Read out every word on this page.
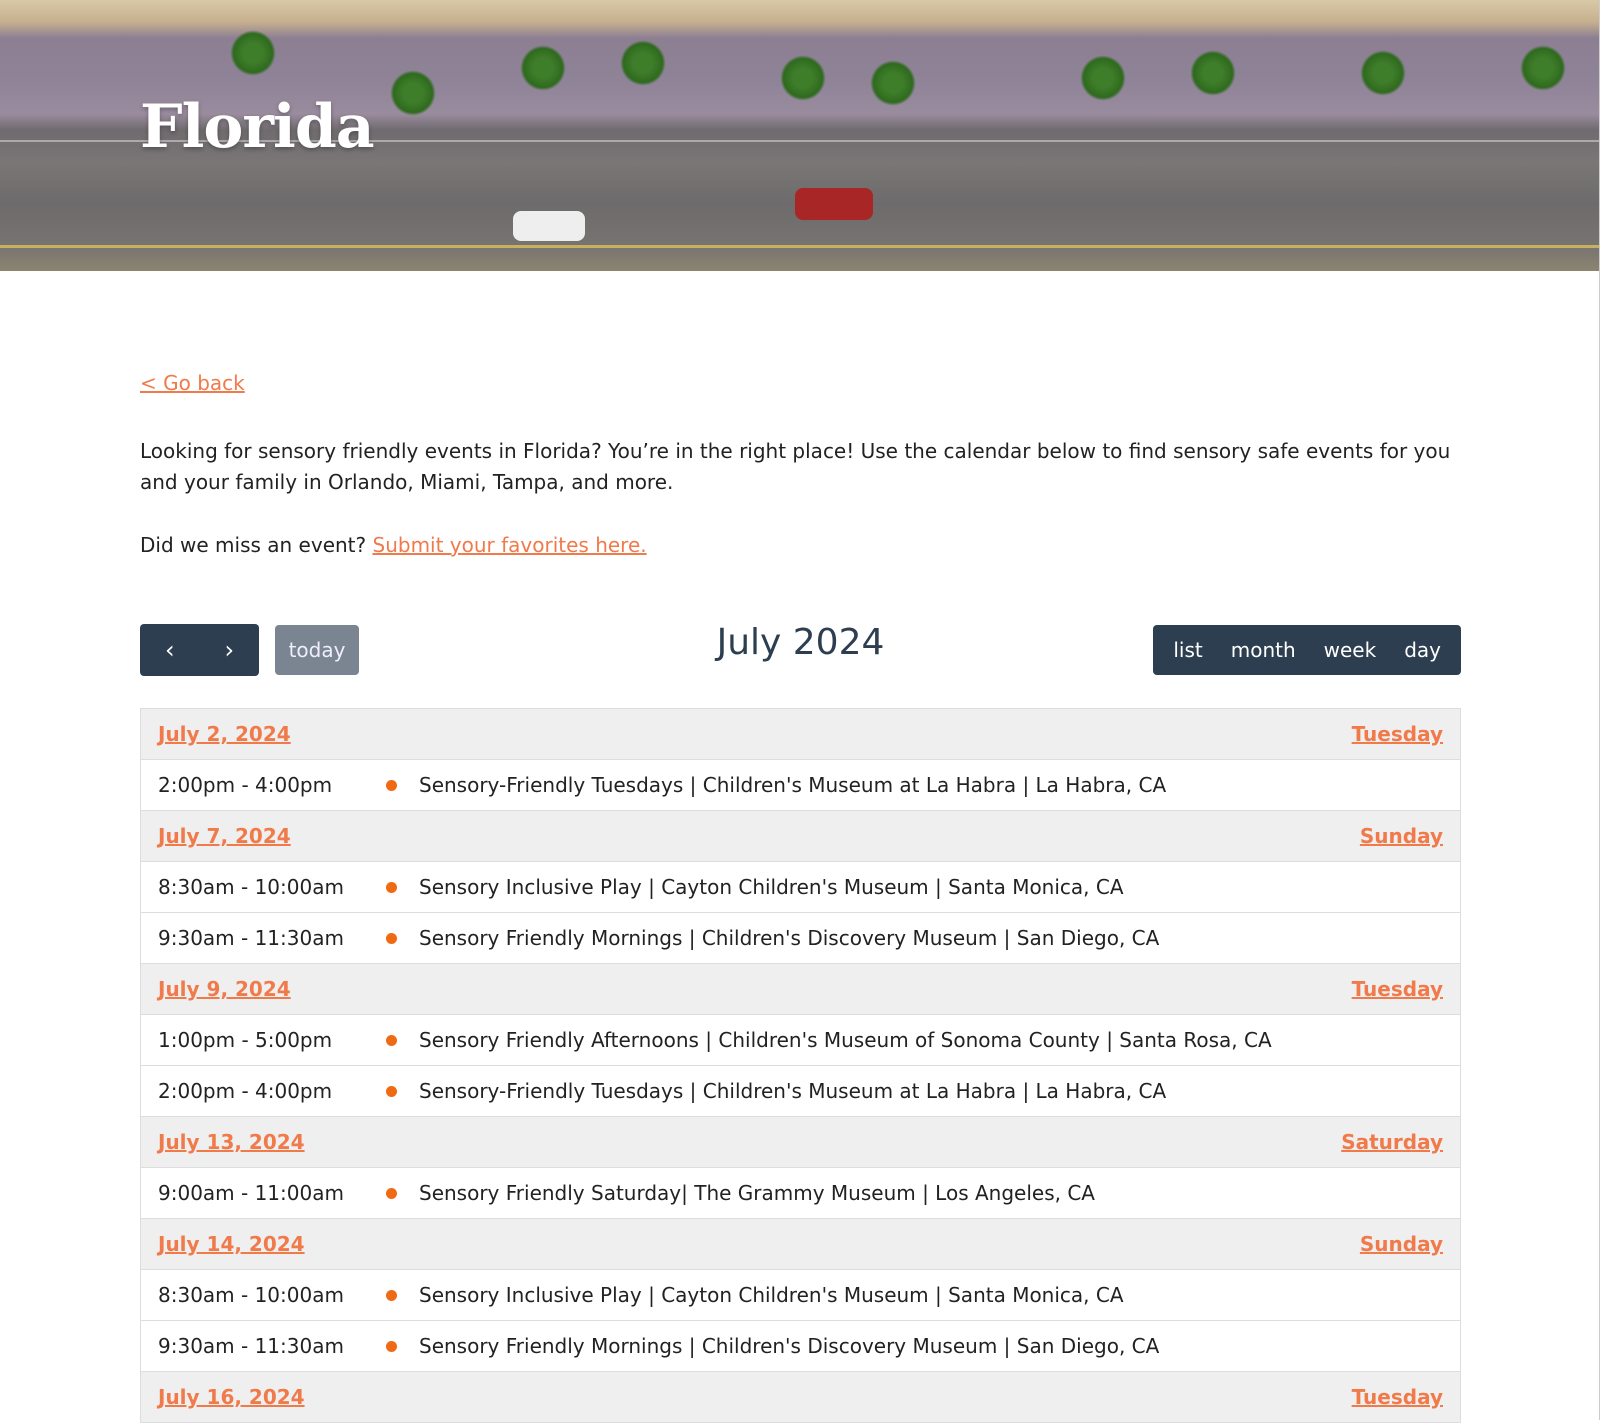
Florida
< Go back

Looking for sensory friendly events in Florida? You’re in the right place! Use the calendar below to find sensory safe events for you and your family in Orlando, Miami, Tampa, and more.

Did we miss an event? Submit your favorites here.

‹	›	today	July 2024	list	month	week	day
July 2, 2024	Tuesday
2:00pm - 4:00pm	Sensory-Friendly Tuesdays | Children's Museum at La Habra | La Habra, CA
July 7, 2024	Sunday
8:30am - 10:00am	Sensory Inclusive Play | Cayton Children's Museum | Santa Monica, CA
9:30am - 11:30am	Sensory Friendly Mornings | Children's Discovery Museum | San Diego, CA
July 9, 2024	Tuesday
1:00pm - 5:00pm	Sensory Friendly Afternoons | Children's Museum of Sonoma County | Santa Rosa, CA
2:00pm - 4:00pm	Sensory-Friendly Tuesdays | Children's Museum at La Habra | La Habra, CA
July 13, 2024	Saturday
9:00am - 11:00am	Sensory Friendly Saturday| The Grammy Museum | Los Angeles, CA
July 14, 2024	Sunday
8:30am - 10:00am	Sensory Inclusive Play | Cayton Children's Museum | Santa Monica, CA
9:30am - 11:30am	Sensory Friendly Mornings | Children's Discovery Museum | San Diego, CA
July 16, 2024	Tuesday
